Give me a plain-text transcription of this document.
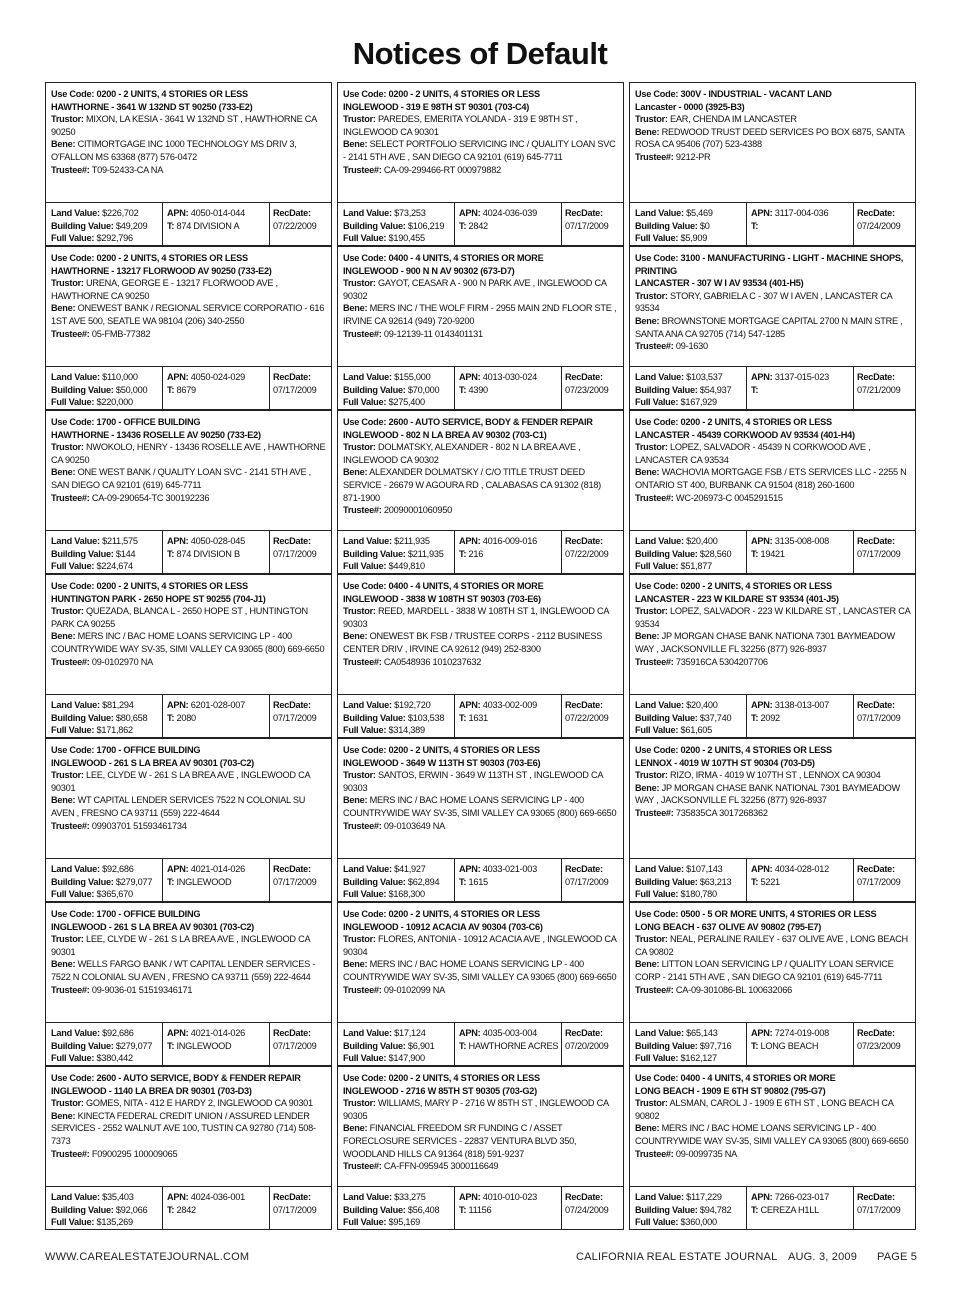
Notices of Default
Use Code: 0200 - 2 UNITS, 4 STORIES OR LESS
HAWTHORNE - 3641 W 132ND ST 90250 (733-E2)
Trustor: MIXON, LA KESIA - 3641 W 132ND ST , HAWTHORNE CA 90250
Bene: CITIMORTGAGE INC 1000 TECHNOLOGY MS DRIV 3, O'FALLON MS 63368 (877) 576-0472
Trustee#: T09-52433-CA NA
Land Value: $226,702
Building Value: $49,209
Full Value: $292,796
APN: 4050-014-044
T: 874 DIVISION A
RecDate:
07/22/2009
Use Code: 0200 - 2 UNITS, 4 STORIES OR LESS
HAWTHORNE - 13217 FLORWOOD AV 90250 (733-E2)
Trustor: URENA, GEORGE E - 13217 FLORWOOD AVE , HAWTHORNE CA 90250
Bene: ONEWEST BANK / REGIONAL SERVICE CORPORATIO - 616 1ST AVE 500, SEATLE WA 98104 (206) 340-2550
Trustee#: 05-FMB-77382
Land Value: $110,000
Building Value: $50,000
Full Value: $220,000
APN: 4050-024-029
T: 8679
RecDate:
07/17/2009
Use Code: 1700 - OFFICE BUILDING
HAWTHORNE - 13436 ROSELLE AV 90250 (733-E2)
Trustor: NWOKOLO, HENRY - 13436 ROSELLE AVE , HAWTHORNE CA 90250
Bene: ONE WEST BANK / QUALITY LOAN SVC - 2141 5TH AVE , SAN DIEGO CA 92101 (619) 645-7711
Trustee#: CA-09-290654-TC 300192236
Land Value: $211,575
Building Value: $144
Full Value: $224,674
APN: 4050-028-045
T: 874 DIVISION B
RecDate:
07/17/2009
Use Code: 0200 - 2 UNITS, 4 STORIES OR LESS
HUNTINGTON PARK - 2650 HOPE ST 90255 (704-J1)
Trustor: QUEZADA, BLANCA L - 2650 HOPE ST , HUNTINGTON PARK CA 90255
Bene: MERS INC / BAC HOME LOANS SERVICING LP - 400 COUNTRYWIDE WAY SV-35, SIMI VALLEY CA 93065 (800) 669-6650
Trustee#: 09-0102970 NA
Land Value: $81,294
Building Value: $80,658
Full Value: $171,862
APN: 6201-028-007
T: 2080
RecDate:
07/17/2009
Use Code: 1700 - OFFICE BUILDING
INGLEWOOD - 261 S LA BREA AV 90301 (703-C2)
Trustor: LEE, CLYDE W - 261 S LA BREA AVE , INGLEWOOD CA 90301
Bene: WT CAPITAL LENDER SERVICES 7522 N COLONIAL SU AVEN , FRESNO CA 93711 (559) 222-4644
Trustee#: 09903701 51593461734
Land Value: $92,686
Building Value: $279,077
Full Value: $365,670
APN: 4021-014-026
T: INGLEWOOD
RecDate:
07/17/2009
Use Code: 1700 - OFFICE BUILDING
INGLEWOOD - 261 S LA BREA AV 90301 (703-C2)
Trustor: LEE, CLYDE W - 261 S LA BREA AVE , INGLEWOOD CA 90301
Bene: WELLS FARGO BANK / WT CAPITAL LENDER SERVICES - 7522 N COLONIAL SU AVEN , FRESNO CA 93711 (559) 222-4644
Trustee#: 09-9036-01 51519346171
Land Value: $92,686
Building Value: $279,077
Full Value: $380,442
APN: 4021-014-026
T: INGLEWOOD
RecDate:
07/17/2009
Use Code: 2600 - AUTO SERVICE, BODY & FENDER REPAIR
INGLEWOOD - 1140 LA BREA DR 90301 (703-D3)
Trustor: GOMES, NITA - 412 E HARDY 2, INGLEWOOD CA 90301
Bene: KINECTA FEDERAL CREDIT UNION / ASSURED LENDER SERVICES - 2552 WALNUT AVE 100, TUSTIN CA 92780 (714) 508-7373
Trustee#: F0900295 100009065
Land Value: $35,403
Building Value: $92,066
Full Value: $135,269
APN: 4024-036-001
T: 2842
RecDate:
07/17/2009
Use Code: 0200 - 2 UNITS, 4 STORIES OR LESS
INGLEWOOD - 319 E 98TH ST 90301 (703-C4)
Trustor: PAREDES, EMERITA YOLANDA - 319 E 98TH ST , INGLEWOOD CA 90301
Bene: SELECT PORTFOLIO SERVICING INC / QUALITY LOAN SVC - 2141 5TH AVE , SAN DIEGO CA 92101 (619) 645-7711
Trustee#: CA-09-299466-RT 000979882
Land Value: $73,253
Building Value: $106,219
Full Value: $190,455
APN: 4024-036-039
T: 2842
RecDate:
07/17/2009
Use Code: 0400 - 4 UNITS, 4 STORIES OR MORE
INGLEWOOD - 900 N N AV 90302 (673-D7)
Trustor: GAYOT, CEASAR A - 900 N PARK AVE , INGLEWOOD CA 90302
Bene: MERS INC / THE WOLF FIRM - 2955 MAIN 2ND FLOOR STE , IRVINE CA 92614 (949) 720-9200
Trustee#: 09-12139-11 0143401131
Land Value: $155,000
Building Value: $70,000
Full Value: $275,400
APN: 4013-030-024
T: 4390
RecDate:
07/23/2009
Use Code: 2600 - AUTO SERVICE, BODY & FENDER REPAIR
INGLEWOOD - 802 N LA BREA AV 90302 (703-C1)
Trustor: DOLMATSKY, ALEXANDER - 802 N LA BREA AVE , INGLEWOOD CA 90302
Bene: ALEXANDER DOLMATSKY / C/O TITLE TRUST DEED SERVICE - 26679 W AGOURA RD , CALABASAS CA 91302 (818) 871-1900
Trustee#: 20090001060950
Land Value: $211,935
Building Value: $211,935
Full Value: $449,810
APN: 4016-009-016
T: 216
RecDate:
07/22/2009
Use Code: 0400 - 4 UNITS, 4 STORIES OR MORE
INGLEWOOD - 3838 W 108TH ST 90303 (703-E6)
Trustor: REED, MARDELL - 3838 W 108TH ST 1, INGLEWOOD CA 90303
Bene: ONEWEST BK FSB / TRUSTEE CORPS - 2112 BUSINESS CENTER DRIV , IRVINE CA 92612 (949) 252-8300
Trustee#: CA0548936 1010237632
Land Value: $192,720
Building Value: $103,538
Full Value: $314,389
APN: 4033-002-009
T: 1631
RecDate:
07/22/2009
Use Code: 0200 - 2 UNITS, 4 STORIES OR LESS
INGLEWOOD - 3649 W 113TH ST 90303 (703-E6)
Trustor: SANTOS, ERWIN - 3649 W 113TH ST , INGLEWOOD CA 90303
Bene: MERS INC / BAC HOME LOANS SERVICING LP - 400 COUNTRYWIDE WAY SV-35, SIMI VALLEY CA 93065 (800) 669-6650
Trustee#: 09-0103649 NA
Land Value: $41,927
Building Value: $62,894
Full Value: $168,300
APN: 4033-021-003
T: 1615
RecDate:
07/17/2009
Use Code: 0200 - 2 UNITS, 4 STORIES OR LESS
INGLEWOOD - 10912 ACACIA AV 90304 (703-C6)
Trustor: FLORES, ANTONIA - 10912 ACACIA AVE , INGLEWOOD CA 90304
Bene: MERS INC / BAC HOME LOANS SERVICING LP - 400 COUNTRYWIDE WAY SV-35, SIMI VALLEY CA 93065 (800) 669-6650
Trustee#: 09-0102099 NA
Land Value: $17,124
Building Value: $6,901
Full Value: $147,900
APN: 4035-003-004
T: HAWTHORNE ACRES
RecDate:
07/20/2009
Use Code: 0200 - 2 UNITS, 4 STORIES OR LESS
INGLEWOOD - 2716 W 85TH ST 90305 (703-G2)
Trustor: WILLIAMS, MARY P - 2716 W 85TH ST , INGLEWOOD CA 90305
Bene: FINANCIAL FREEDOM SR FUNDING C / ASSET FORECLOSURE SERVICES - 22837 VENTURA BLVD 350, WOODLAND HILLS CA 91364 (818) 591-9237
Trustee#: CA-FFN-095945 3000116649
Land Value: $33,275
Building Value: $56,408
Full Value: $95,169
APN: 4010-010-023
T: 11156
RecDate:
07/24/2009
Use Code: 300V - INDUSTRIAL - VACANT LAND
Lancaster - 0000 (3925-B3)
Trustor: EAR, CHENDA IM LANCASTER
Bene: REDWOOD TRUST DEED SERVICES PO BOX 6875, SANTA ROSA CA 95406 (707) 523-4388
Trustee#: 9212-PR
Land Value: $5,469
Building Value: $0
Full Value: $5,909
APN: 3117-004-036
T:
RecDate:
07/24/2009
Use Code: 3100 - MANUFACTURING - LIGHT - MACHINE SHOPS, PRINTING
LANCASTER - 307 W I AV 93534 (401-H5)
Trustor: STORY, GABRIELA C - 307 W I AVEN , LANCASTER CA 93534
Bene: BROWNSTONE MORTGAGE CAPITAL 2700 N MAIN STRE , SANTA ANA CA 92705 (714) 547-1285
Trustee#: 09-1630
Land Value: $103,537
Building Value: $54,937
Full Value: $167,929
APN: 3137-015-023
T:
RecDate:
07/21/2009
Use Code: 0200 - 2 UNITS, 4 STORIES OR LESS
LANCASTER - 45439 CORKWOOD AV 93534 (401-H4)
Trustor: LOPEZ, SALVADOR - 45439 N CORKWOOD AVE , LANCASTER CA 93534
Bene: WACHOVIA MORTGAGE FSB / ETS SERVICES LLC - 2255 N ONTARIO ST 400, BURBANK CA 91504 (818) 260-1600
Trustee#: WC-206973-C 0045291515
Land Value: $20,400
Building Value: $28,560
Full Value: $51,877
APN: 3135-008-008
T: 19421
RecDate:
07/17/2009
Use Code: 0200 - 2 UNITS, 4 STORIES OR LESS
LANCASTER - 223 W KILDARE ST 93534 (401-J5)
Trustor: LOPEZ, SALVADOR - 223 W KILDARE ST , LANCASTER CA 93534
Bene: JP MORGAN CHASE BANK NATIONA 7301 BAYMEADOW WAY , JACKSONVILLE FL 32256 (877) 926-8937
Trustee#: 735916CA 5304207706
Land Value: $20,400
Building Value: $37,740
Full Value: $61,605
APN: 3138-013-007
T: 2092
RecDate:
07/17/2009
Use Code: 0200 - 2 UNITS, 4 STORIES OR LESS
LENNOX - 4019 W 107TH ST 90304 (703-D5)
Trustor: RIZO, IRMA - 4019 W 107TH ST , LENNOX CA 90304
Bene: JP MORGAN CHASE BANK NATIONAL 7301 BAYMEADOW WAY , JACKSONVILLE FL 32256 (877) 926-8937
Trustee#: 735835CA 3017268362
Land Value: $107,143
Building Value: $63,213
Full Value: $180,780
APN: 4034-028-012
T: 5221
RecDate:
07/17/2009
Use Code: 0500 - 5 OR MORE UNITS, 4 STORIES OR LESS
LONG BEACH - 637 OLIVE AV 90802 (795-E7)
Trustor: NEAL, PERALINE RAILEY - 637 OLIVE AVE , LONG BEACH CA 90802
Bene: LITTON LOAN SERVICING LP / QUALITY LOAN SERVICE CORP - 2141 5TH AVE , SAN DIEGO CA 92101 (619) 645-7711
Trustee#: CA-09-301086-BL 100632066
Land Value: $65,143
Building Value: $97,716
Full Value: $162,127
APN: 7274-019-008
T: LONG BEACH
RecDate:
07/23/2009
Use Code: 0400 - 4 UNITS, 4 STORIES OR MORE
LONG BEACH - 1909 E 6TH ST 90802 (795-G7)
Trustor: ALSMAN, CAROL J - 1909 E 6TH ST , LONG BEACH CA 90802
Bene: MERS INC / BAC HOME LOANS SERVICING LP - 400 COUNTRYWIDE WAY SV-35, SIMI VALLEY CA 93065 (800) 669-6650
Trustee#: 09-0099735 NA
Land Value: $117,229
Building Value: $94,782
Full Value: $360,000
APN: 7266-023-017
T: CEREZA H1LL
RecDate:
07/17/2009
WWW.CAREALESTATEJOURNAL.COM	CALIFORNIA REAL ESTATE JOURNAL AUG. 3, 2009 PAGE 5
